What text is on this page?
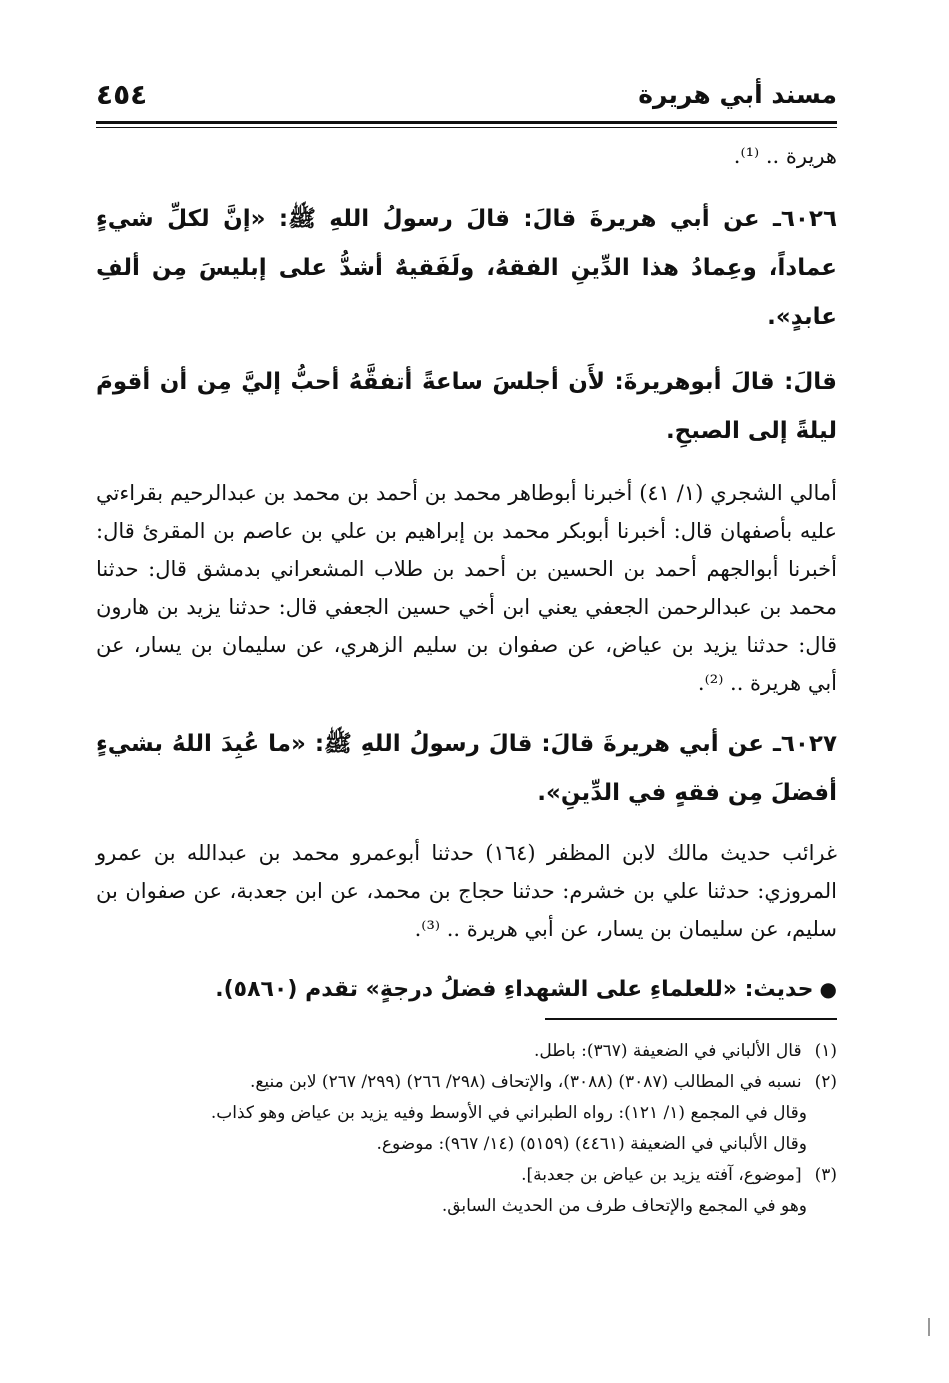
مسند أبي هريرة
٤٥٤

هريرة .. ⁽¹⁾.

٦٠٢٦ـ عن أبي هريرةَ قالَ: قالَ رسولُ اللهِ ﷺ: «إنَّ لكلِّ شيءٍ عماداً، وعِمادُ هذا الدِّينِ الفقهُ، ولَفَقيهٌ أشدُّ على إبليسَ مِن ألفِ عابدٍ».

قالَ: قالَ أبوهريرةَ: لأَن أجلسَ ساعةً أتفقَّهُ أحبُّ إليَّ مِن أن أقومَ ليلةً إلى الصبحِ.

أمالي الشجري (١/ ٤١) أخبرنا أبوطاهر محمد بن أحمد بن محمد بن عبدالرحيم بقراءتي عليه بأصفهان قال: أخبرنا أبوبكر محمد بن إبراهيم بن علي بن عاصم بن المقرئ قال: أخبرنا أبوالجهم أحمد بن الحسين بن أحمد بن طلاب المشعراني بدمشق قال: حدثنا محمد بن عبدالرحمن الجعفي يعني ابن أخي حسين الجعفي قال: حدثنا يزيد بن هارون قال: حدثنا يزيد بن عياض، عن صفوان بن سليم الزهري، عن سليمان بن يسار، عن أبي هريرة .. ⁽²⁾.

٦٠٢٧ـ عن أبي هريرةَ قالَ: قالَ رسولُ اللهِ ﷺ: «ما عُبِدَ اللهُ بشيءٍ أفضلَ مِن فقهٍ في الدِّينِ».

غرائب حديث مالك لابن المظفر (١٦٤) حدثنا أبوعمرو محمد بن عبدالله بن عمرو المروزي: حدثنا علي بن خشرم: حدثنا حجاج بن محمد، عن ابن جعدبة، عن صفوان بن سليم، عن سليمان بن يسار، عن أبي هريرة .. ⁽³⁾.

●حديث: «للعلماءِ على الشهداءِ فضلُ درجةٍ» تقدم (٥٨٦٠).

(١) قال الألباني في الضعيفة (٣٦٧): باطل.

(٢) نسبه في المطالب (٣٠٨٧) (٣٠٨٨)، والإتحاف (٢٩٨/ ٢٦٦) (٢٩٩/ ٢٦٧) لابن منيع.

وقال في المجمع (١/ ١٢١): رواه الطبراني في الأوسط وفيه يزيد بن عياض وهو كذاب.

وقال الألباني في الضعيفة (٤٤٦١) (٥١٥٩) (١٤/ ٩٦٧): موضوع.

(٣) [موضوع، آفته يزيد بن عياض بن جعدبة].

وهو في المجمع والإتحاف طرف من الحديث السابق.
